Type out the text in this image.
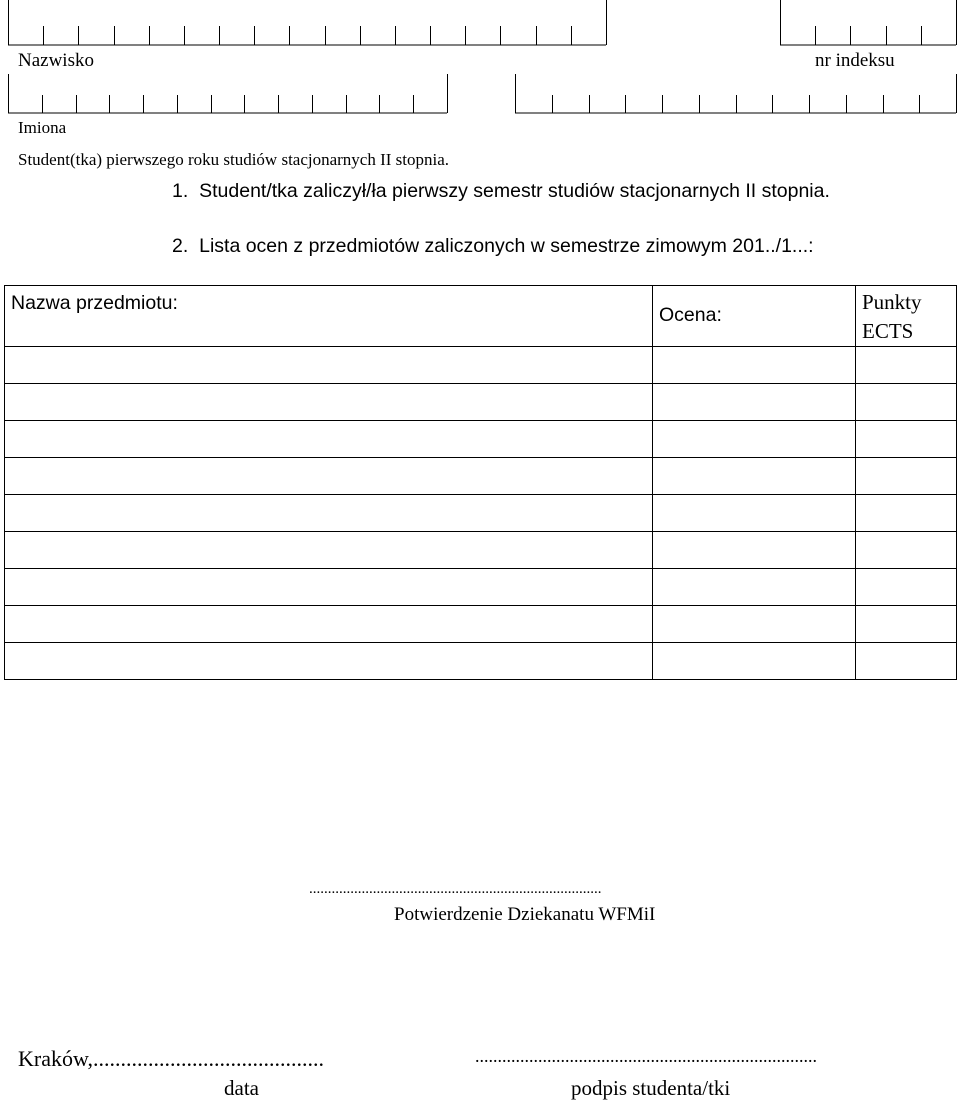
Nazwisko	nr indeksu
Imiona
Student(tka) pierwszego roku studiów stacjonarnych II stopnia.
1. Student/tka zaliczył/ła pierwszy semestr studiów stacjonarnych II stopnia.
2. Lista ocen z przedmiotów zaliczonych w semestrze zimowym 201../1...:
Nazwa przedmiotu:	Ocena:	Punkty
ECTS

..............................................................................
Potwierdzenie Dziekanatu WFMiI
Kraków,..........................................
data
............................................................................
podpis studenta/tki
